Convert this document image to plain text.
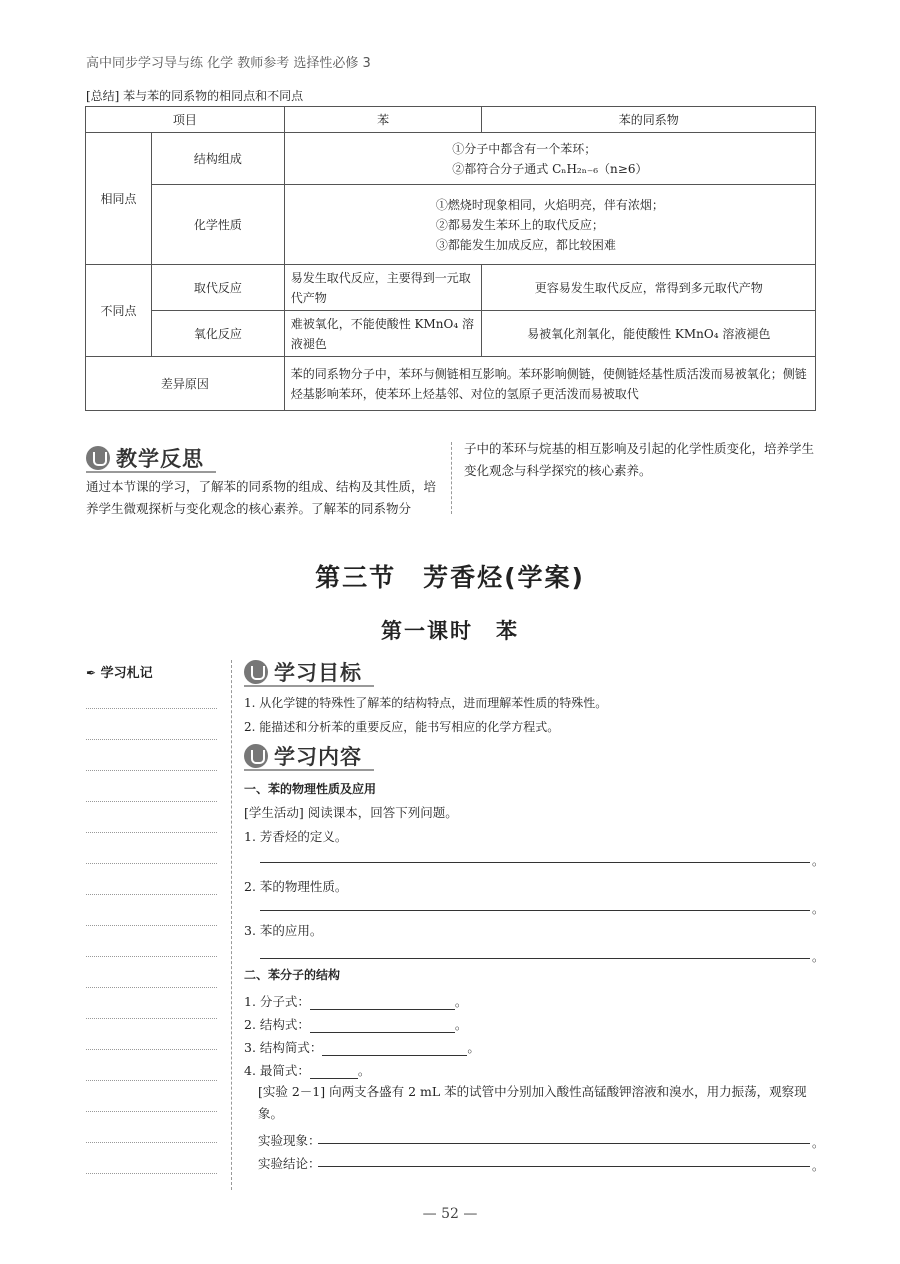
高中同步学习导与练 化学 教师参考 选择性必修 3
[总结] 苯与苯的同系物的相同点和不同点
项目		苯	苯的同系物
相同点	结构组成	①分子中都含有一个苯环；
②都符合分子通式 CₙH₂ₙ₋₆（n≥6）	

	化学性质	①燃烧时现象相同，火焰明亮，伴有浓烟；
②都易发生苯环上的取代反应；
③都能发生加成反应，都比较困难	

不同点	取代反应	易发生取代反应，主要得到一元取代产物	更容易发生取代反应，常得到多元取代产物
	氧化反应	难被氧化，不能使酸性 KMnO₄ 溶液褪色	易被氧化剂氧化，能使酸性 KMnO₄ 溶液褪色
差异原因		苯的同系物分子中，苯环与侧链相互影响。苯环影响侧链，使侧链烃基性质活泼而易被氧化；侧链烃基影响苯环，使苯环上烃基邻、对位的氢原子更活泼而易被取代	
教学反思
通过本节课的学习，了解苯的同系物的组成、结构及其性质，培养学生微观探析与变化观念的核心素养。了解苯的同系物分
子中的苯环与烷基的相互影响及引起的化学性质变化，培养学生变化观念与科学探究的核心素养。
第三节　芳香烃(学案)
第一课时　苯
✒ 学习札记	学习目标
1. 从化学键的特殊性了解苯的结构特点，进而理解苯性质的特殊性。
2. 能描述和分析苯的重要反应，能书写相应的化学方程式。
学习内容
一、苯的物理性质及应用
[学生活动] 阅读课本，回答下列问题。
1. 芳香烃的定义。
。
2. 苯的物理性质。
。
3. 苯的应用。
。
二、苯分子的结构
1. 分子式：	。
2. 结构式：	。
3. 结构简式：	。
4. 最简式：	。
[实验 2－1] 向两支各盛有 2 mL 苯的试管中分别加入酸性高锰酸钾溶液和溴水，用力振荡，观察现象。
实验现象：	。
实验结论：	。
— 52 —
